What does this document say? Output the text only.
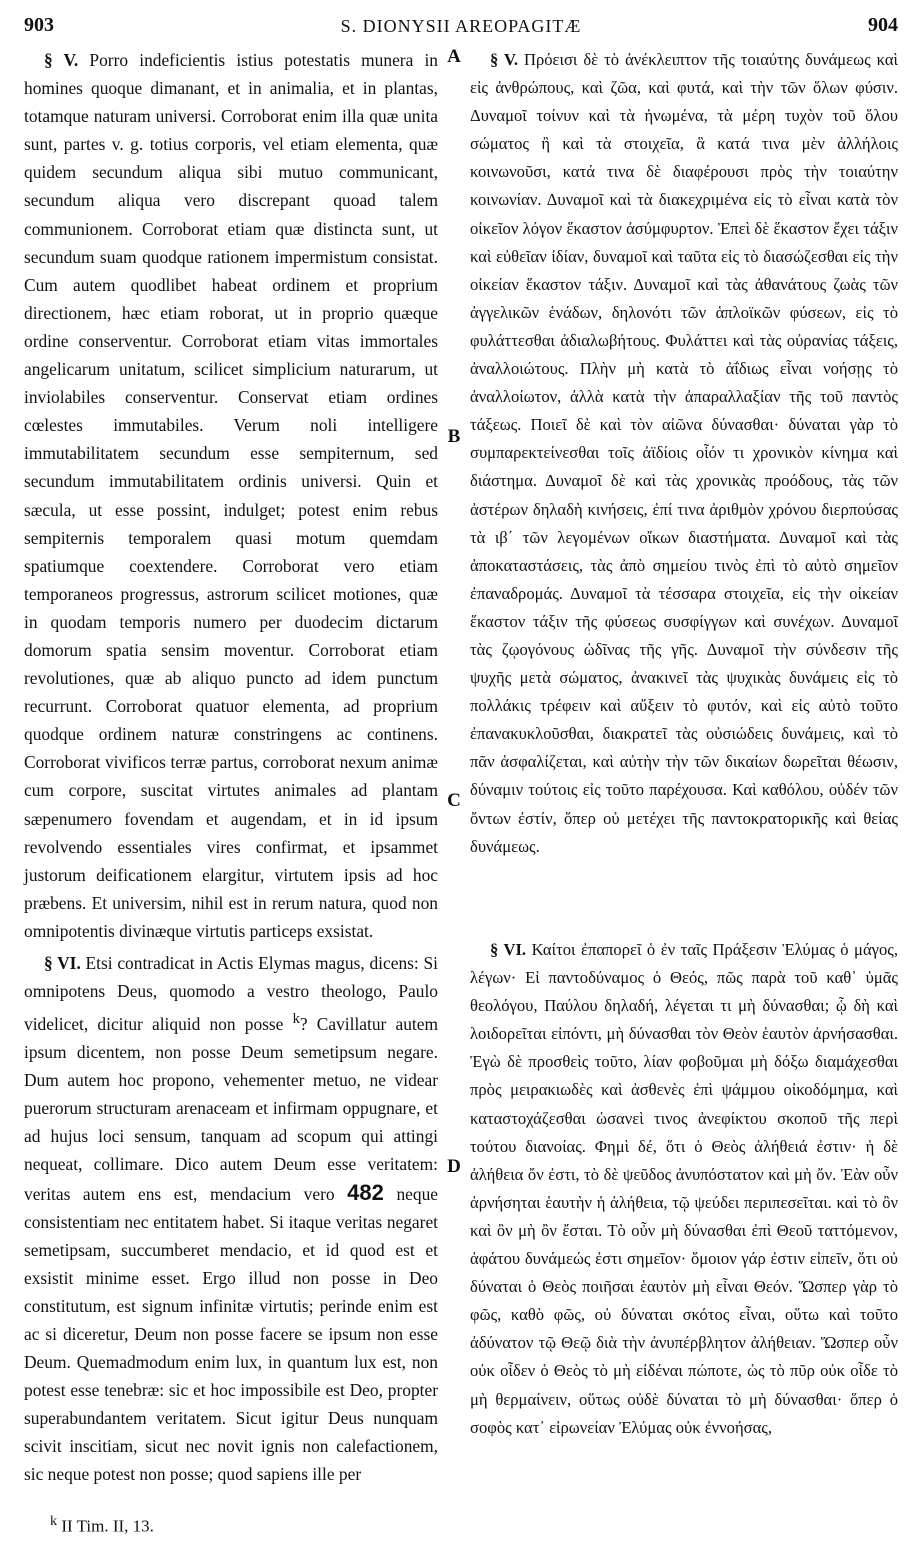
903	S. DIONYSII AREOPAGITÆ	904

§ V. Porro indeficientis istius potestatis munera in homines quoque dimanant, et in animalia, et in plantas, totamque naturam universi. Corroborat enim illa quæ unita sunt, partes v. g. totius corporis, vel etiam elementa, quæ quidem secundum aliqua sibi mutuo communicant, secundum aliqua vero discrepant quoad talem communionem. Corroborat etiam quæ distincta sunt, ut secundum suam quodque rationem impermistum consistat. Cum autem quodlibet habeat ordinem et proprium directionem, hæc etiam roborat, ut in proprio quæque ordine conserventur. Corroborat etiam vitas immortales angelicarum unitatum, scilicet simplicium naturarum, ut inviolabiles conserventur. Conservat etiam ordines cœlestes immutabiles. Verum noli intelligere immutabilitatem secundum esse sempiternum, sed secundum immutabilitatem ordinis universi. Quin et sæcula, ut esse possint, indulget; potest enim rebus sempiternis temporalem quasi motum quemdam spatiumque coextendere. Corroborat vero etiam temporaneos progressus, astrorum scilicet motiones, quæ in quodam temporis numero per duodecim dictarum domorum spatia sensim moventur. Corroborat etiam revolutiones, quæ ab aliquo puncto ad idem punctum recurrunt. Corroborat quatuor elementa, ad proprium quodque ordinem naturæ constringens ac continens. Corroborat vivificos terræ partus, corroborat nexum animæ cum corpore, suscitat virtutes animales ad plantam sæpenumero fovendam et augendam, et in id ipsum revolvendo essentiales vires confirmat, et ipsammet justorum deificationem elargitur, virtutem ipsis ad hoc præbens. Et universim, nihil est in rerum natura, quod non omnipotentis divinæque virtutis particeps exsistat.

§ VI. Etsi contradicat in Actis Elymas magus, dicens: Si omnipotens Deus, quomodo a vestro theologo, Paulo videlicet, dicitur aliquid non posse $^k$? Cavillatur autem ipsum dicentem, non posse Deum semetipsum negare. Dum autem hoc propono, vehementer metuo, ne videar puerorum structuram arenaceam et infirmam oppugnare, et ad hujus loci sensum, tanquam ad scopum qui attingi nequeat, collimare. Dico autem Deum esse veritatem: veritas autem ens est, mendacium vero 482 neque consistentiam nec entitatem habet. Si itaque veritas negaret semetipsam, succumberet mendacio, et id quod est et exsistit minime esset. Ergo illud non posse in Deo constitutum, est signum infinitæ virtutis; perinde enim est ac si diceretur, Deum non posse facere se ipsum non esse Deum. Quemadmodum enim lux, in quantum lux est, non potest esse tenebræ: sic et hoc impossibile est Deo, propter superabundantem veritatem. Sicut igitur Deus nunquam scivit inscitiam, sicut nec novit ignis non calefactionem, sic neque potest non posse; quod sapiens ille per

A
B
C
D

§ V. Πρόεισι δὲ τὸ ἀνέκλειπτον τῆς τοιαύτης δυνάμεως καὶ εἰς ἀνθρώπους, καὶ ζῶα, καὶ φυτά, καὶ τὴν τῶν ὅλων φύσιν. Δυναμοῖ τοίνυν καὶ τὰ ἡνωμένα, τὰ μέρη τυχὸν τοῦ ὅλου σώματος ἢ καὶ τὰ στοιχεῖα, ἃ κατά τινα μὲν ἀλλήλοις κοινωνοῦσι, κατά τινα δὲ διαφέρουσι πρὸς τὴν τοιαύτην κοινωνίαν. Δυναμοῖ καὶ τὰ διακεχριμένα εἰς τὸ εἶναι κατὰ τὸν οἰκεῖον λόγον ἕκαστον ἀσύμφυρτον. Ἐπεὶ δὲ ἕκαστον ἔχει τάξιν καὶ εὐθεῖαν ἰδίαν, δυναμοῖ καὶ ταῦτα εἰς τὸ διασώζεσθαι εἰς τὴν οἰκείαν ἕκαστον τάξιν. Δυναμοῖ καὶ τὰς ἀθανάτους ζωὰς τῶν ἀγγελικῶν ἑνάδων, δηλονότι τῶν ἁπλοϊκῶν φύσεων, εἰς τὸ φυλάττεσθαι ἀδιαλωβήτους. Φυλάττει καὶ τὰς οὐρανίας τάξεις, ἀναλλοιώτους. Πλὴν μὴ κατὰ τὸ ἀΐδιως εἶναι νοήσῃς τὸ ἀναλλοίωτον, ἀλλὰ κατὰ τὴν ἀπαραλλαξίαν τῆς τοῦ παντὸς τάξεως. Ποιεῖ δὲ καὶ τὸν αἰῶνα δύνασθαι· δύναται γὰρ τὸ συμπαρεκτείνεσθαι τοῖς ἀϊδίοις οἷόν τι χρονικὸν κίνημα καὶ διάστημα. Δυναμοῖ δὲ καὶ τὰς χρονικὰς προόδους, τὰς τῶν ἀστέρων δηλαδὴ κινήσεις, ἐπί τινα ἀριθμὸν χρόνου διερπούσας τὰ ιβ΄ τῶν λεγομένων οἴκων διαστήματα. Δυναμοῖ καὶ τὰς ἀποκαταστάσεις, τὰς ἀπὸ σημείου τινὸς ἐπὶ τὸ αὐτὸ σημεῖον ἐπαναδρομάς. Δυναμοῖ τὰ τέσσαρα στοιχεῖα, εἰς τὴν οἰκείαν ἕκαστον τάξιν τῆς φύσεως συσφίγγων καὶ συνέχων. Δυναμοῖ τὰς ζῳογόνους ὠδῖνας τῆς γῆς. Δυναμοῖ τὴν σύνδεσιν τῆς ψυχῆς μετὰ σώματος, ἀνακινεῖ τὰς ψυχικὰς δυνάμεις εἰς τὸ πολλάκις τρέφειν καὶ αὔξειν τὸ φυτόν, καὶ εἰς αὐτὸ τοῦτο ἐπανακυκλοῦσθαι, διακρατεῖ τὰς οὐσιώδεις δυνάμεις, καὶ τὸ πᾶν ἀσφαλίζεται, καὶ αὐτὴν τὴν τῶν δικαίων δωρεῖται θέωσιν, δύναμιν τούτοις εἰς τοῦτο παρέχουσα. Καὶ καθόλου, οὐδέν τῶν ὄντων ἐστίν, ὅπερ οὐ μετέχει τῆς παντοκρατορικῆς καὶ θείας δυνάμεως.

§ VI. Καίτοι ἐπαπορεῖ ὁ ἐν ταῖς Πράξεσιν Ἐλύμας ὁ μάγος, λέγων· Εἰ παντοδύναμος ὁ Θεός, πῶς παρὰ τοῦ καθ᾿ ὑμᾶς θεολόγου, Παύλου δηλαδή, λέγεται τι μὴ δύνασθαι; ᾧ δὴ καὶ λοιδορεῖται εἰπόντι, μὴ δύνασθαι τὸν Θεὸν ἑαυτὸν ἀρνήσασθαι. Ἐγὼ δὲ προσθεὶς τοῦτο, λίαν φοβοῦμαι μὴ δόξω διαμάχεσθαι πρὸς μειρακιωδὲς καὶ ἀσθενὲς ἐπὶ ψάμμου οἰκοδόμημα, καὶ καταστοχάζεσθαι ὡσανεὶ τινος ἀνεφίκτου σκοποῦ τῆς περὶ τούτου διανοίας. Φημὶ δέ, ὅτι ὁ Θεὸς ἀλήθειά ἐστιν· ἡ δὲ ἀλήθεια ὄν ἐστι, τὸ δὲ ψεῦδος ἀνυπόστατον καὶ μὴ ὄν. Ἐὰν οὖν ἀρνήσηται ἑαυτὴν ἡ ἀλήθεια, τῷ ψεύδει περιπεσεῖται. καὶ τὸ ὂν καὶ ὂν μὴ ὂν ἔσται. Τὸ οὖν μὴ δύνασθαι ἐπὶ Θεοῦ ταττόμενον, ἀφάτου δυνάμεώς ἐστι σημεῖον· ὅμοιον γάρ ἐστιν εἰπεῖν, ὅτι οὐ δύναται ὁ Θεὸς ποιῆσαι ἑαυτὸν μὴ εἶναι Θεόν. Ὥσπερ γὰρ τὸ φῶς, καθὸ φῶς, οὐ δύναται σκότος εἶναι, οὕτω καὶ τοῦτο ἀδύνατον τῷ Θεῷ διὰ τὴν ἀνυπέρβλητον ἀλήθειαν. Ὥσπερ οὖν οὐκ οἶδεν ὁ Θεὸς τὸ μὴ εἰδέναι πώποτε, ὡς τὸ πῦρ οὐκ οἶδε τὸ μὴ θερμαίνειν, οὕτως οὐδὲ δύναται τὸ μὴ δύνασθαι· ὅπερ ὁ σοφὸς κατ᾿ εἰρωνείαν Ἐλύμας οὐκ ἐννοήσας,

$^k$ II Tim. II, 13.
